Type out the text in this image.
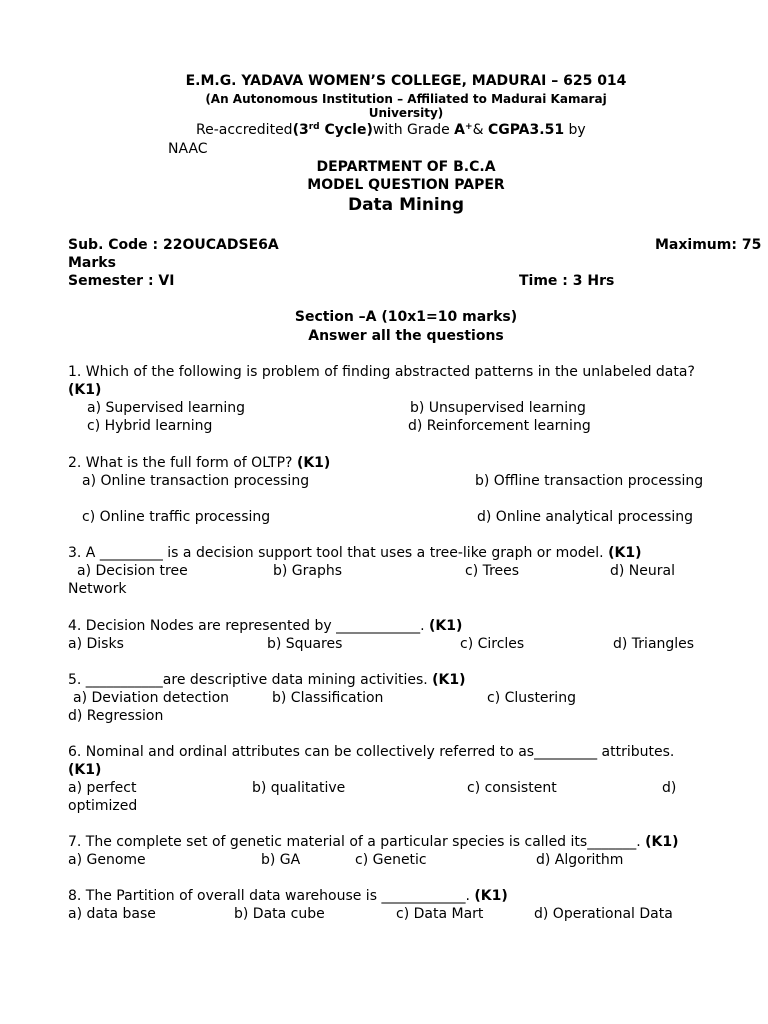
E.M.G. YADAVA WOMEN’S COLLEGE, MADURAI – 625 014
(An Autonomous Institution – Affiliated to Madurai Kamaraj
University)
Re-accredited(3rd Cycle)with Grade A+& CGPA3.51 by
NAAC
DEPARTMENT OF B.C.A
MODEL QUESTION PAPER
Data Mining
Sub. Code : 22OUCADSE6A	Maximum: 75
Marks
Semester : VI	Time : 3 Hrs
Section –A (10x1=10 marks)
Answer all the questions
1. Which of the following is problem of finding abstracted patterns in the unlabeled data?
(K1)
a) Supervised learning	b) Unsupervised learning
c) Hybrid learning	d) Reinforcement learning
2. What is the full form of OLTP? (K1)
a) Online transaction processing	b) Offline transaction processing
c) Online traffic processing	d) Online analytical processing
3. A _________ is a decision support tool that uses a tree-like graph or model. (K1)
a) Decision tree	b) Graphs	c) Trees	d) Neural
Network
4. Decision Nodes are represented by ____________. (K1)
a) Disks	b) Squares	c) Circles	d) Triangles
5. ___________are descriptive data mining activities. (K1)
a) Deviation detection	b) Classification	c) Clustering
d) Regression
6. Nominal and ordinal attributes can be collectively referred to as_________ attributes.
(K1)
a) perfect	b) qualitative	c) consistent	d)
optimized
7. The complete set of genetic material of a particular species is called its_______. (K1)
a) Genome	b) GA	c) Genetic	d) Algorithm
8. The Partition of overall data warehouse is ____________. (K1)
a) data base	b) Data cube	c) Data Mart	d) Operational Data
